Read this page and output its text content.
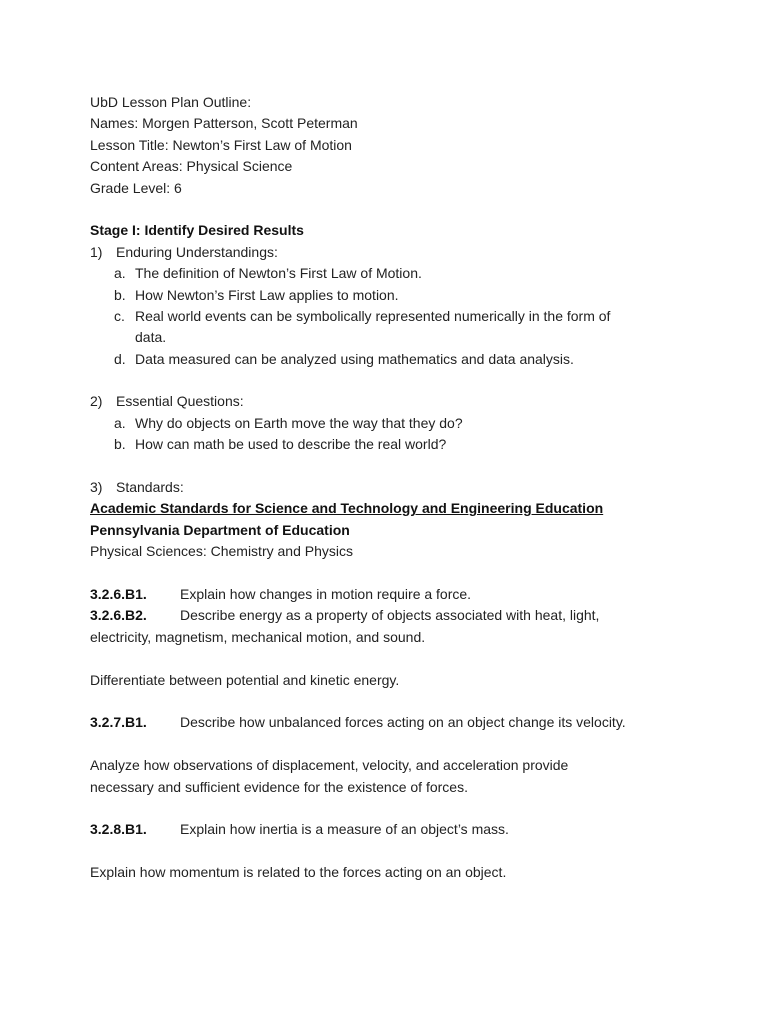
UbD Lesson Plan Outline:
Names: Morgen Patterson, Scott Peterman
Lesson Title: Newton’s First Law of Motion
Content Areas: Physical Science
Grade Level: 6
Stage I: Identify Desired Results
1) Enduring Understandings:
a. The definition of Newton’s First Law of Motion.
b. How Newton’s First Law applies to motion.
c. Real world events can be symbolically represented numerically in the form of
data.
d. Data measured can be analyzed using mathematics and data analysis.
2) Essential Questions:
a. Why do objects on Earth move the way that they do?
b. How can math be used to describe the real world?
3) Standards:
Academic Standards for Science and Technology and Engineering Education
Pennsylvania Department of Education
Physical Sciences: Chemistry and Physics
3.2.6.B1. Explain how changes in motion require a force.
3.2.6.B2. Describe energy as a property of objects associated with heat, light,
electricity, magnetism, mechanical motion, and sound.
Differentiate between potential and kinetic energy.
3.2.7.B1. Describe how unbalanced forces acting on an object change its velocity.
Analyze how observations of displacement, velocity, and acceleration provide
necessary and sufficient evidence for the existence of forces.
3.2.8.B1. Explain how inertia is a measure of an object’s mass.
Explain how momentum is related to the forces acting on an object.
